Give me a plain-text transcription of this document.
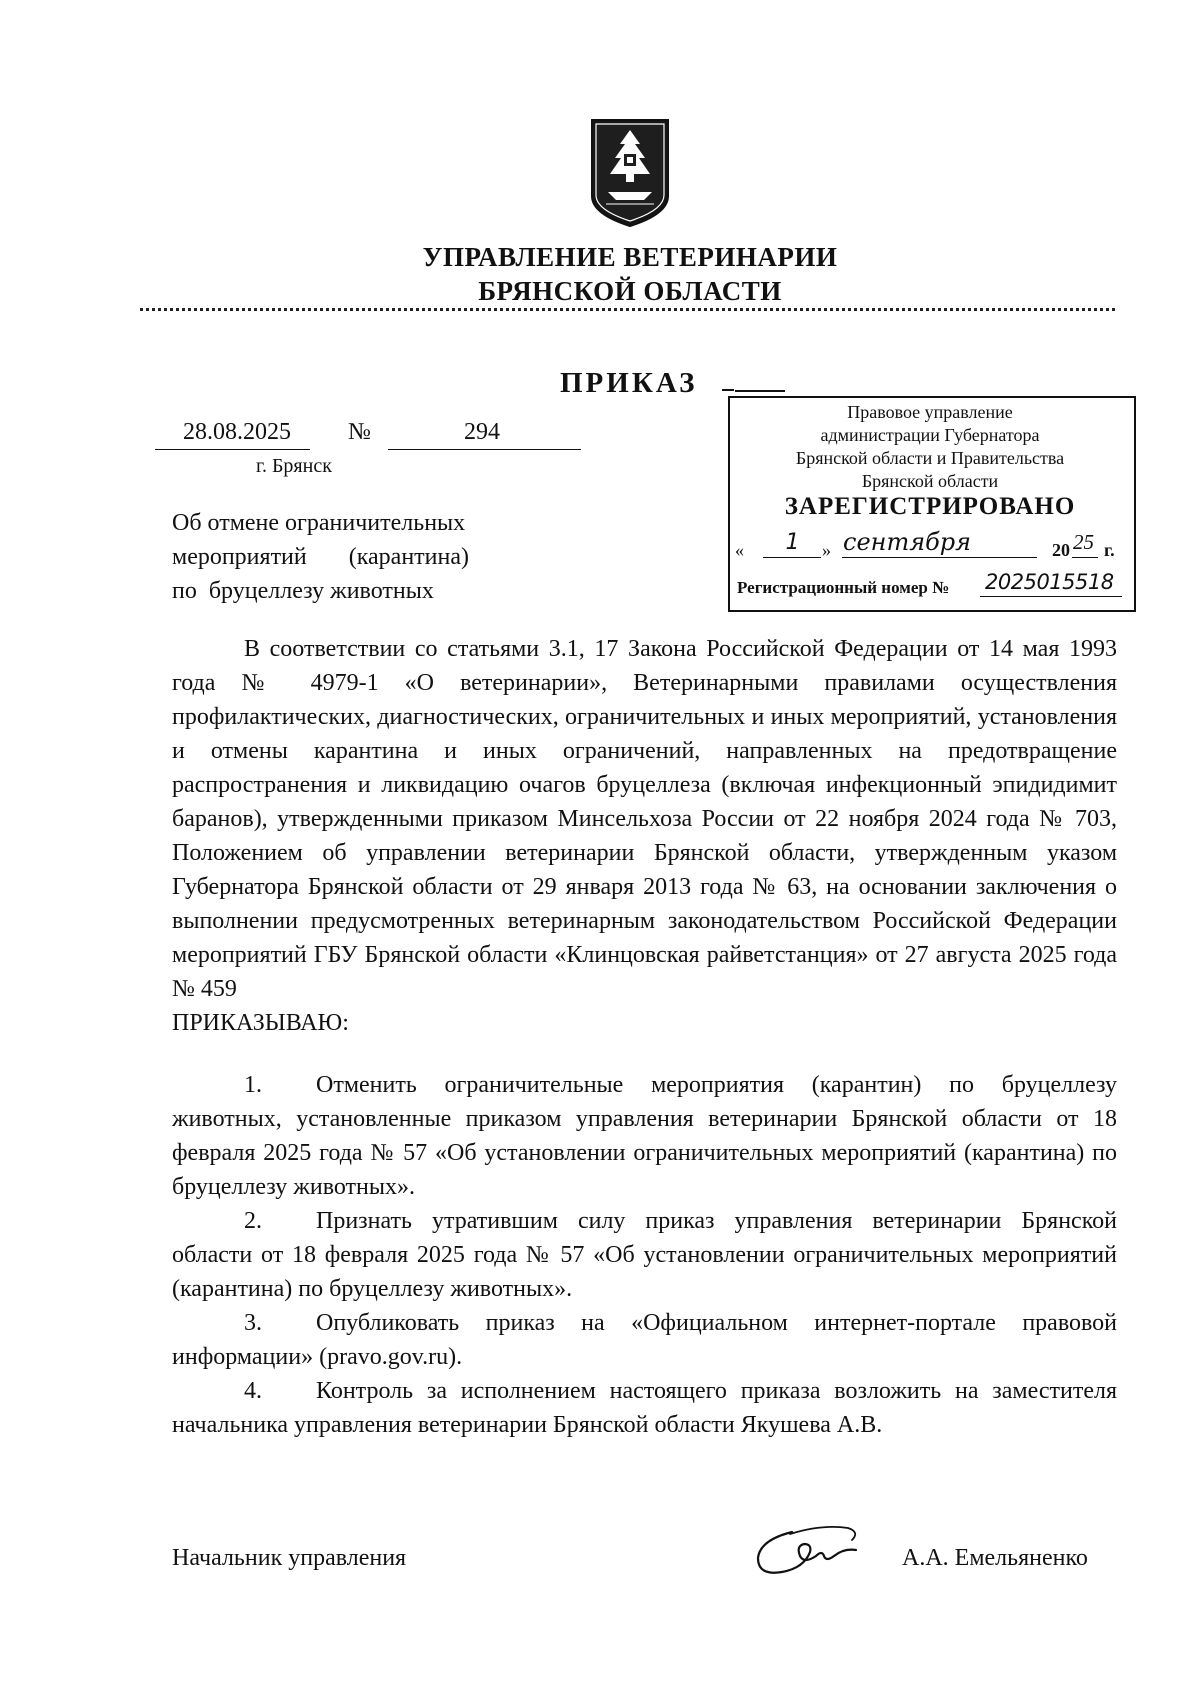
УПРАВЛЕНИЕ ВЕТЕРИНАРИИ
БРЯНСКОЙ ОБЛАСТИ
ПРИКАЗ
28.08.2025 №	294
г. Брянск
Правовое управление
администрации Губернатора
Брянской области и Правительства
Брянской области
ЗАРЕГИСТРИРОВАНО
«	1	» сентября	20 25 г.
Регистрационный номер № 2025015518
Об отмене ограничительных
мероприятий       (карантина)
по  бруцеллезу животных

В соответствии со статьями 3.1, 17 Закона Российской Федерации от 14 мая 1993 года № 4979-1 «О ветеринарии», Ветеринарными правилами осуществления профилактических, диагностических, ограничительных и иных мероприятий, установления и отмены карантина и иных ограничений, направленных на предотвращение распространения и ликвидацию очагов бруцеллеза (включая инфекционный эпидидимит баранов), утвержденными приказом Минсельхоза России от 22 ноября 2024 года № 703, Положением об управлении ветеринарии Брянской области, утвержденным указом Губернатора Брянской области от 29 января 2013 года № 63, на основании заключения о выполнении предусмотренных ветеринарным законодательством Российской Федерации мероприятий ГБУ Брянской области «Клинцовская райветстанция» от 27 августа 2025 года № 459

ПРИКАЗЫВАЮ:

1. Отменить ограничительные мероприятия (карантин) по бруцеллезу животных, установленные приказом управления ветеринарии Брянской области от 18 февраля 2025 года № 57 «Об установлении ограничительных мероприятий (карантина) по бруцеллезу животных».

2. Признать утратившим силу приказ управления ветеринарии Брянской области от 18 февраля 2025 года № 57 «Об установлении ограничительных мероприятий (карантина) по бруцеллезу животных».

3. Опубликовать приказ на «Официальном интернет-портале правовой информации» (pravo.gov.ru).

4. Контроль за исполнением настоящего приказа возложить на заместителя начальника управления ветеринарии Брянской области Якушева А.В.

Начальник управления	А.А. Емельяненко
